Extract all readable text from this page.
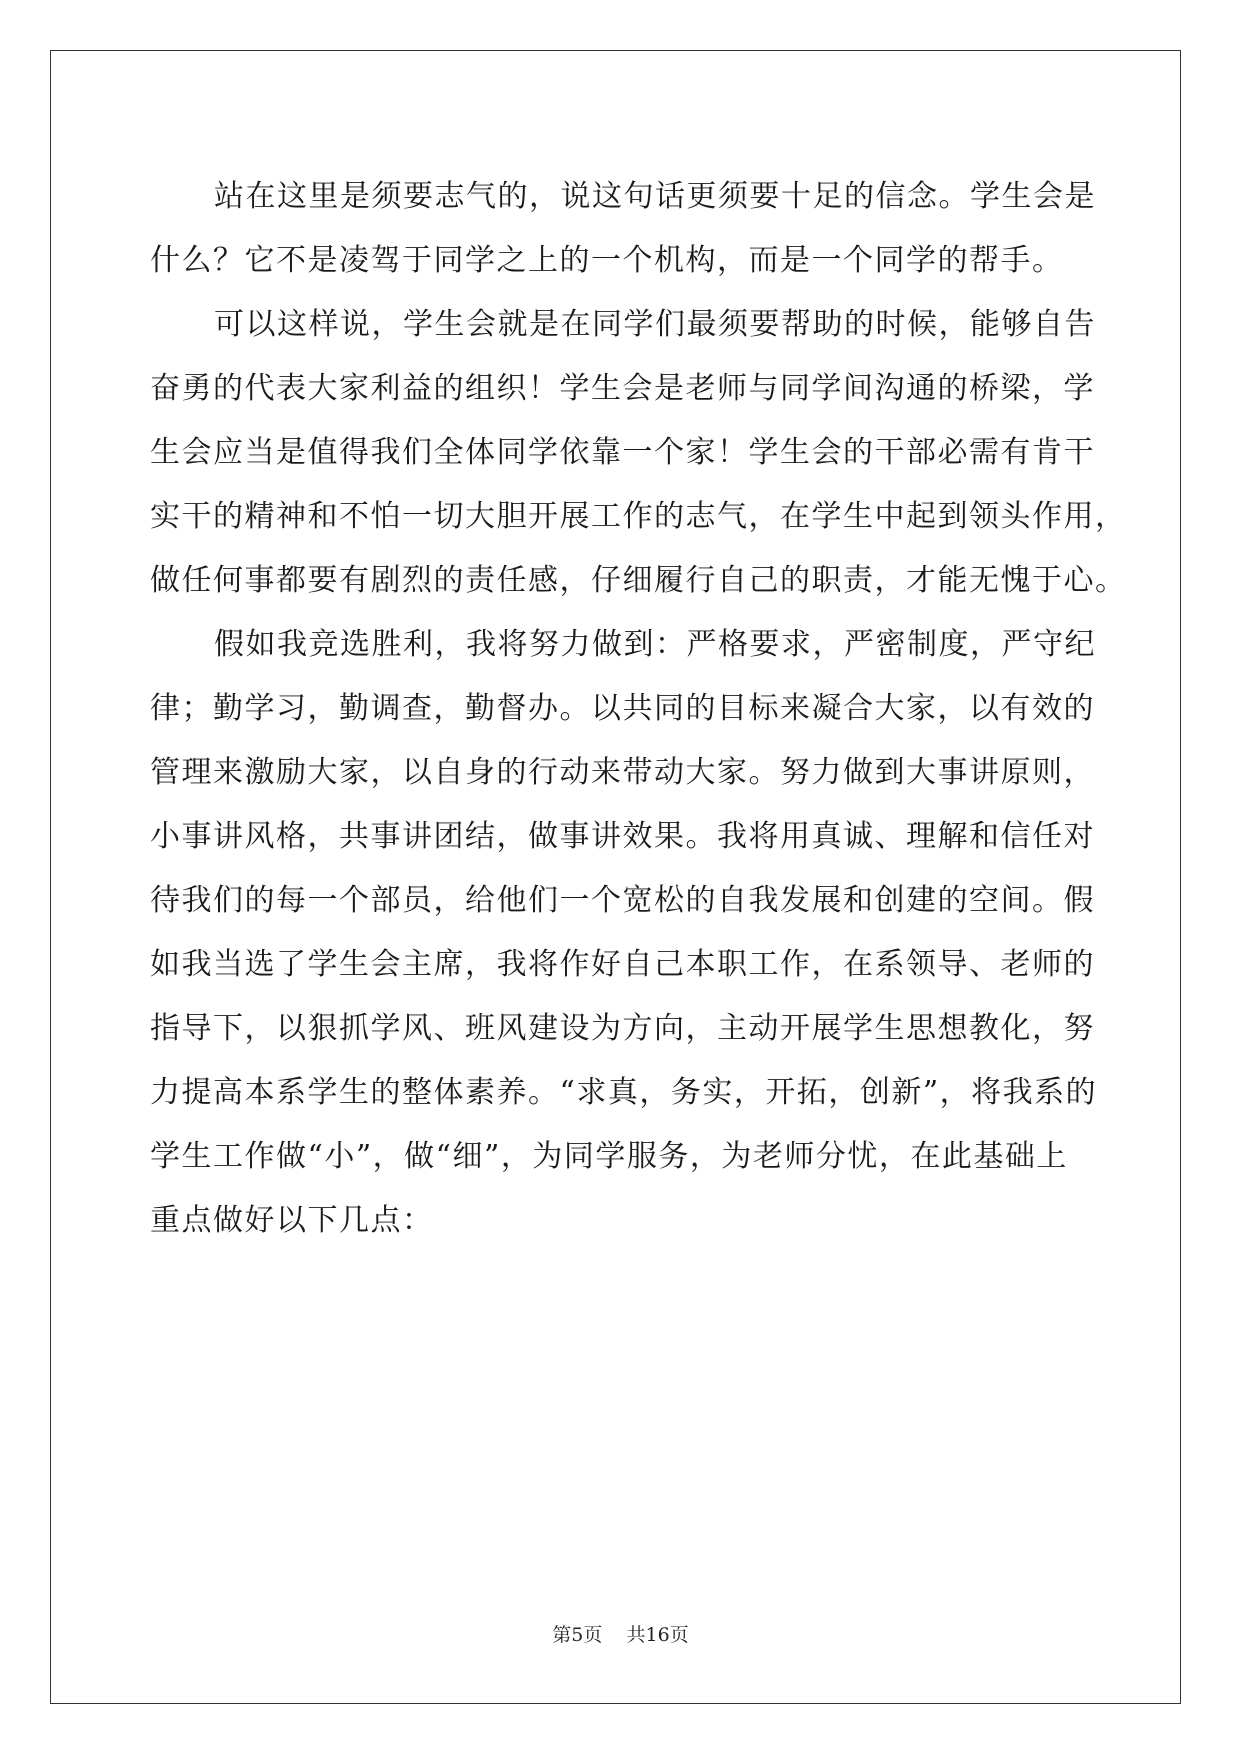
站在这里是须要志气的，说这句话更须要十足的信念。学生会是
什么？它不是凌驾于同学之上的一个机构，而是一个同学的帮手。
可以这样说，学生会就是在同学们最须要帮助的时候，能够自告
奋勇的代表大家利益的组织！学生会是老师与同学间沟通的桥梁，学
生会应当是值得我们全体同学依靠一个家！学生会的干部必需有肯干
实干的精神和不怕一切大胆开展工作的志气，在学生中起到领头作用，
做任何事都要有剧烈的责任感，仔细履行自己的职责，才能无愧于心。
假如我竞选胜利，我将努力做到：严格要求，严密制度，严守纪
律；勤学习，勤调查，勤督办。以共同的目标来凝合大家，以有效的
管理来激励大家，以自身的行动来带动大家。努力做到大事讲原则，
小事讲风格，共事讲团结，做事讲效果。我将用真诚、理解和信任对
待我们的每一个部员，给他们一个宽松的自我发展和创建的空间。假
如我当选了学生会主席，我将作好自己本职工作，在系领导、老师的
指导下，以狠抓学风、班风建设为方向，主动开展学生思想教化，努
力提高本系学生的整体素养。“求真，务实，开拓，创新”，将我系的
学生工作做“小”，做“细”，为同学服务，为老师分忧，在此基础上
重点做好以下几点：
第5页    共16页
